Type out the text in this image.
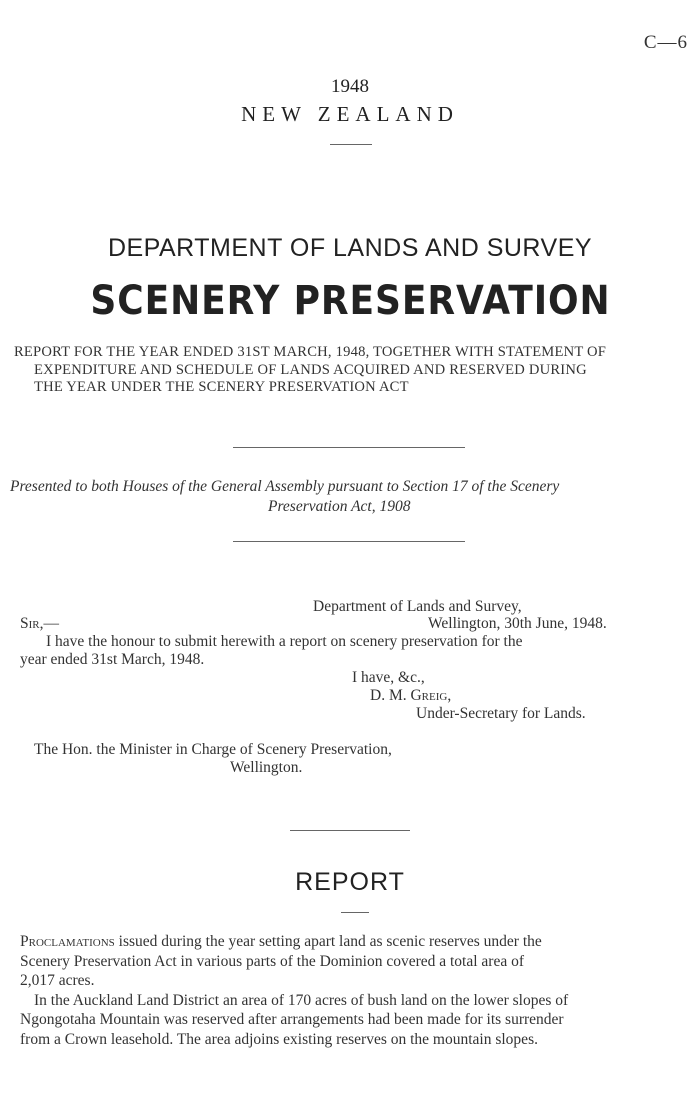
C—6
1948
NEW ZEALAND
DEPARTMENT OF LANDS AND SURVEY
SCENERY PRESERVATION
REPORT FOR THE YEAR ENDED 31ST MARCH, 1948, TOGETHER WITH STATEMENT OF
EXPENDITURE AND SCHEDULE OF LANDS ACQUIRED AND RESERVED DURING
THE YEAR UNDER THE SCENERY PRESERVATION ACT
Presented to both Houses of the General Assembly pursuant to Section 17 of the Scenery
Preservation Act, 1908
Department of Lands and Survey,
Sir,—	Wellington, 30th June, 1948.
I have the honour to submit herewith a report on scenery preservation for the
year ended 31st March, 1948.
I have, &c.,
D. M. Greig,
Under-Secretary for Lands.
The Hon. the Minister in Charge of Scenery Preservation,
Wellington.
REPORT
Proclamations issued during the year setting apart land as scenic reserves under the
Scenery Preservation Act in various parts of the Dominion covered a total area of
2,017 acres.
In the Auckland Land District an area of 170 acres of bush land on the lower slopes of
Ngongotaha Mountain was reserved after arrangements had been made for its surrender
from a Crown leasehold. The area adjoins existing reserves on the mountain slopes.
